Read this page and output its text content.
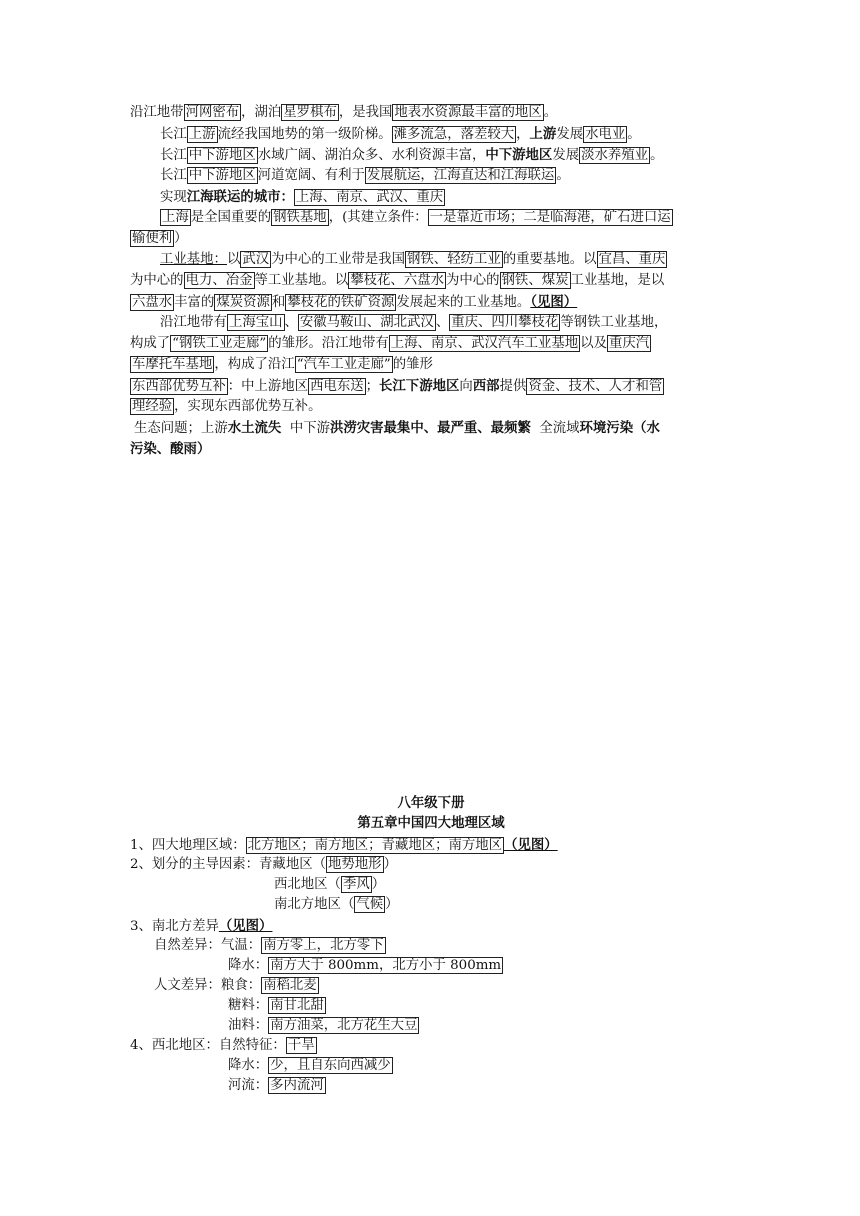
沿江地带 河网密布 ，湖泊 星罗棋布 ，是我国 地表水资源最丰富的地区 。
长江 上游 流经我国地势的第一级阶梯。 滩多流急，落差较大 ，上游发展 水电业 。
长江 中下游地区 水域广阔、湖泊众多、水利资源丰富，中下游地区发展 淡水养殖业 。
长江 中下游地区 河道宽阔、有利于 发展航运，江海直达和江海联运 。
实现江海联运的城市： 上海、南京、武汉、重庆
上海 是全国重要的 钢铁基地 ，(其建立条件： 一是靠近市场；二是临海港，矿石进口运
输便利 ）
工业基地：以 武汉 为中心的工业带是我国 钢铁、轻纺工业 的重要基地。以 宜昌、重庆
为中心的 电力、冶金 等工业基地。以 攀枝花、六盘水 为中心的 钢铁、煤炭 工业基地，是以
六盘水 丰富的 煤炭资源 和 攀枝花的铁矿资源 发展起来的工业基地。（见图）
沿江地带有 上海宝山 、 安徽马鞍山、湖北武汉 、 重庆、四川攀枝花 等钢铁工业基地，
构成了 “钢铁工业走廊” 的雏形。沿江地带有 上海、南京、武汉汽车工业基地 以及 重庆汽
车摩托车基地 ，构成了沿江 “汽车工业走廊” 的雏形
东西部优势互补 ：中上游地区 西电东送 ；长江下游地区向西部提供 资金、技术、人才和管
理经验 ，实现东西部优势互补。
生态问题；上游水土流失 中下游洪涝灾害最集中、最严重、最频繁 全流域环境污染（水
污染、酸雨）
八年级下册
第五章中国四大地理区域
1、四大地理区域： 北方地区；南方地区；青藏地区；南方地区 （见图）
2、划分的主导因素：青藏地区（ 地势地形 ）
西北地区（ 季风 ）
南北方地区（ 气候 ）
3、南北方差异（见图）
自然差异：气温： 南方零上，北方零下
降水： 南方大于 800mm，北方小于 800mm
人文差异：粮食： 南稻北麦
糖料： 南甘北甜
油料： 南方油菜，北方花生大豆
4、西北地区：自然特征： 干旱
降水： 少，且自东向西减少
河流： 多内流河
